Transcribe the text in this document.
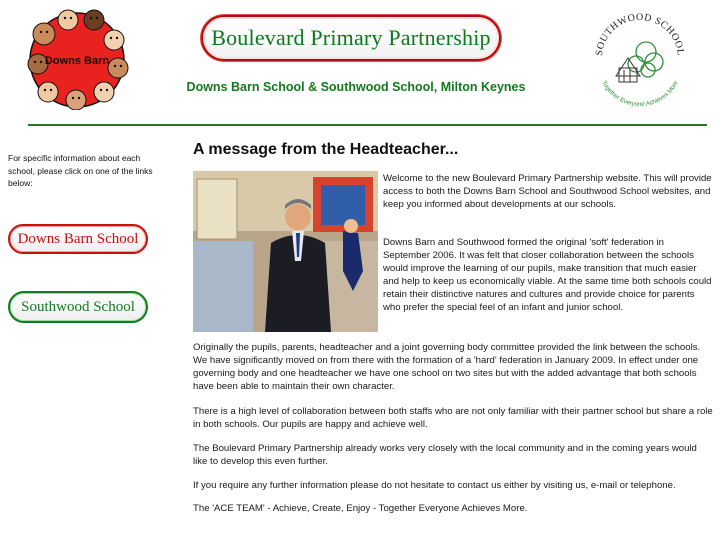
Downs Barn
Boulevard Primary Partnership
Downs Barn School & Southwood School, Milton Keynes
SOUTHWOOD SCHOOL
Together Everyone Achieves More
For specific information about each school, please click on one of the links below:
Downs Barn School
Southwood School
A message from the Headteacher...

Welcome to the new Boulevard Primary Partnership website. This will provide access to both the Downs Barn School and Southwood School websites, and keep you informed about developments at our schools.

Downs Barn and Southwood formed the original 'soft' federation in September 2006. It was felt that closer collaboration between the schools would improve the learning of our pupils, make transition that much easier and help to keep us economically viable. At the same time both schools could retain their distinctive natures and cultures and provide choice for parents who prefer the special feel of an infant and junior school.

Originally the pupils, parents, headteacher and a joint governing body committee provided the link between the schools. We have significantly moved on from there with the formation of a 'hard' federation in January 2009. In effect under one governing body and one headteacher we have one school on two sites but with the added advantage that both schools have been able to maintain their own character.

There is a high level of collaboration between both staffs who are not only familiar with their partner school but share a role in both schools. Our pupils are happy and achieve well.

The Boulevard Primary Partnership already works very closely with the local community and in the coming years would like to develop this even further.

If you require any further information please do not hesitate to contact us either by visiting us, e-mail or telephone.

The 'ACE TEAM' - Achieve, Create, Enjoy - Together Everyone Achieves More.
